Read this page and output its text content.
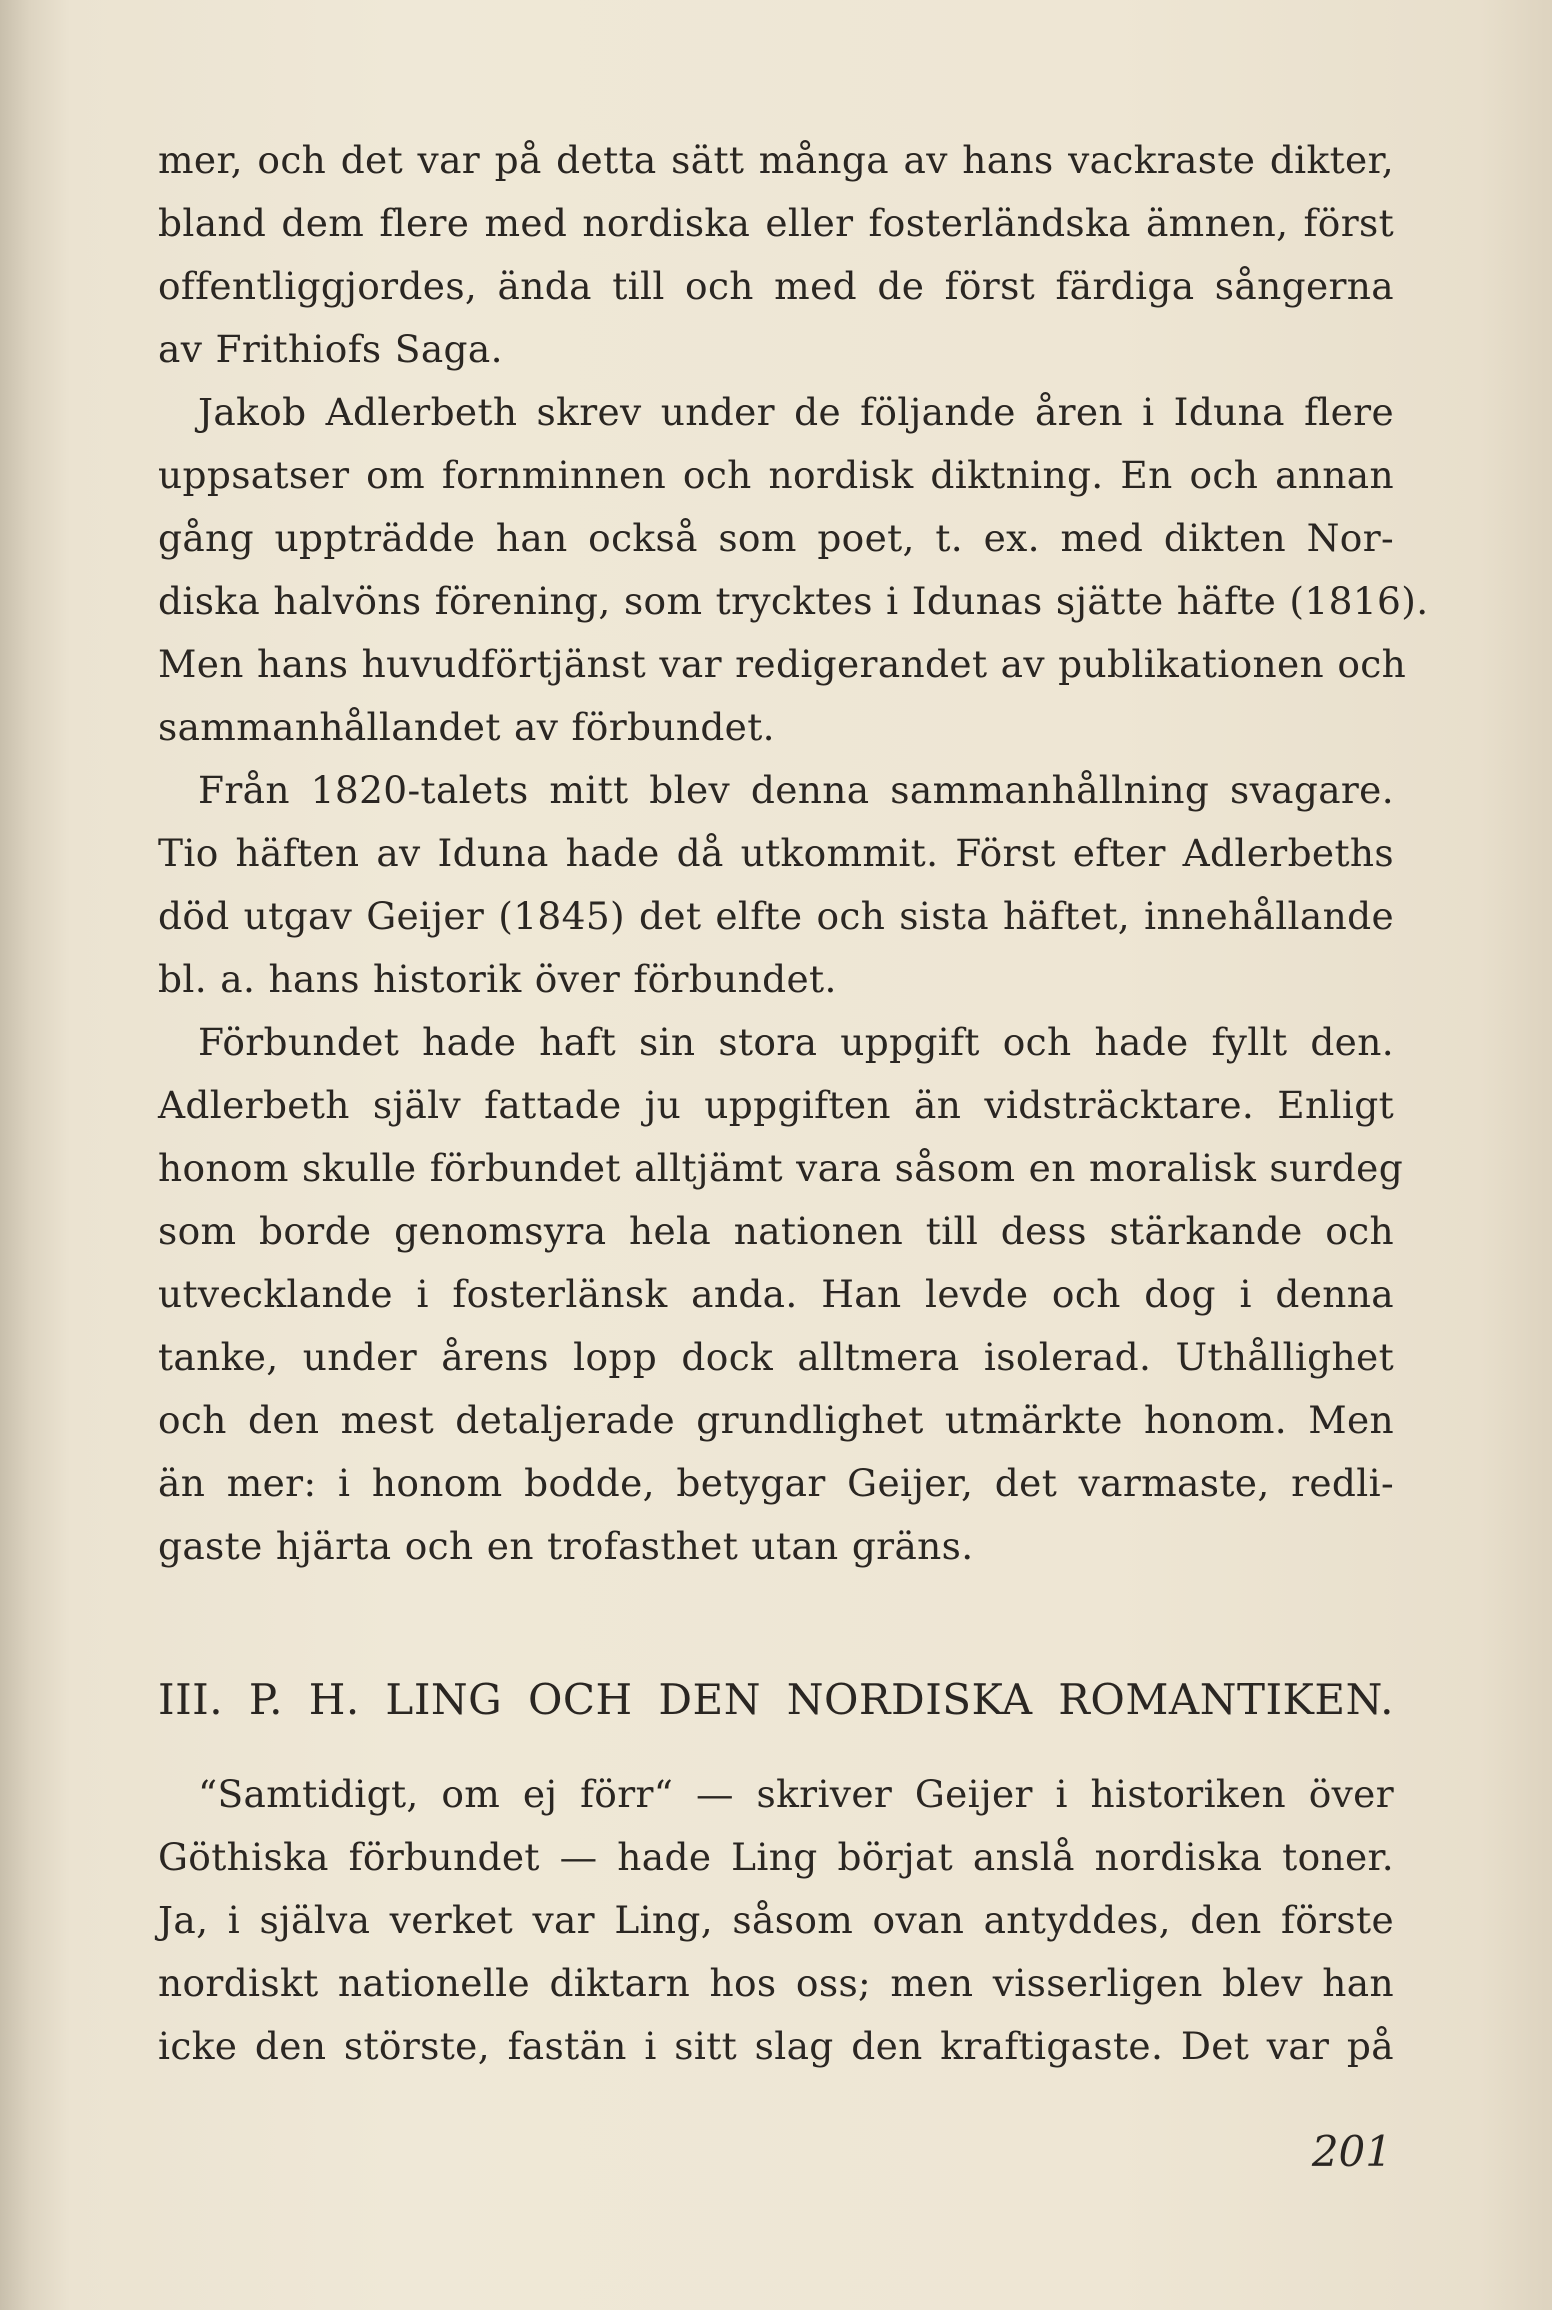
mer, och det var på detta sätt många av hans vackraste dikter,
bland dem flere med nordiska eller fosterländska ämnen, först
offentliggjordes, ända till och med de först färdiga sångerna
av Frithiofs Saga.
Jakob Adlerbeth skrev under de följande åren i Iduna flere
uppsatser om fornminnen och nordisk diktning. En och annan
gång uppträdde han också som poet, t. ex. med dikten Nor-
diska halvöns förening, som trycktes i Idunas sjätte häfte (1816).
Men hans huvudförtjänst var redigerandet av publikationen och
sammanhållandet av förbundet.
Från 1820-talets mitt blev denna sammanhållning svagare.
Tio häften av Iduna hade då utkommit. Först efter Adlerbeths
död utgav Geijer (1845) det elfte och sista häftet, innehållande
bl. a. hans historik över förbundet.
Förbundet hade haft sin stora uppgift och hade fyllt den.
Adlerbeth själv fattade ju uppgiften än vidsträcktare. Enligt
honom skulle förbundet alltjämt vara såsom en moralisk surdeg
som borde genomsyra hela nationen till dess stärkande och
utvecklande i fosterlänsk anda. Han levde och dog i denna
tanke, under årens lopp dock alltmera isolerad. Uthållighet
och den mest detaljerade grundlighet utmärkte honom. Men
än mer: i honom bodde, betygar Geijer, det varmaste, redli-
gaste hjärta och en trofasthet utan gräns.
III. P. H. LING OCH DEN NORDISKA ROMANTIKEN.
“Samtidigt, om ej förr“ — skriver Geijer i historiken över
Göthiska förbundet — hade Ling börjat anslå nordiska toner.
Ja, i själva verket var Ling, såsom ovan antyddes, den förste
nordiskt nationelle diktarn hos oss; men visserligen blev han
icke den störste, fastän i sitt slag den kraftigaste. Det var på
201
